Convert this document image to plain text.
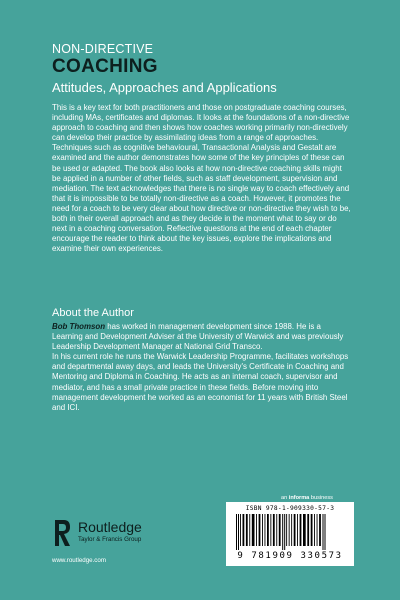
NON-DIRECTIVE
COACHING
Attitudes, Approaches and Applications

This is a key text for both practitioners and those on postgraduate coaching courses, including MAs, certificates and diplomas. It looks at the foundations of a non-directive approach to coaching and then shows how coaches working primarily non-directively can develop their practice by assimilating ideas from a range of approaches. Techniques such as cognitive behavioural, Transactional Analysis and Gestalt are examined and the author demonstrates how some of the key principles of these can be used or adapted. The book also looks at how non-directive coaching skills might be applied in a number of other fields, such as staff development, supervision and mediation. The text acknowledges that there is no single way to coach effectively and that it is impossible to be totally non-directive as a coach. However, it promotes the need for a coach to be very clear about how directive or non-directive they wish to be, both in their overall approach and as they decide in the moment what to say or do next in a coaching conversation. Reflective questions at the end of each chapter encourage the reader to think about the key issues, explore the implications and examine their own experiences.

About the Author

Bob Thomson has worked in management development since 1988. He is a Learning and Development Adviser at the University of Warwick and was previously Leadership Development Manager at National Grid Transco.
In his current role he runs the Warwick Leadership Programme, facilitates workshops and departmental away days, and leads the University's Certificate in Coaching and Mentoring and Diploma in Coaching. He acts as an internal coach, supervisor and mediator, and has a small private practice in these fields. Before moving into management development he worked as an economist for 11 years with British Steel and ICI.

an informa business
ISBN 978-1-909330-57-3
9 781909 330573
Routledge
Taylor & Francis Group
www.routledge.com
